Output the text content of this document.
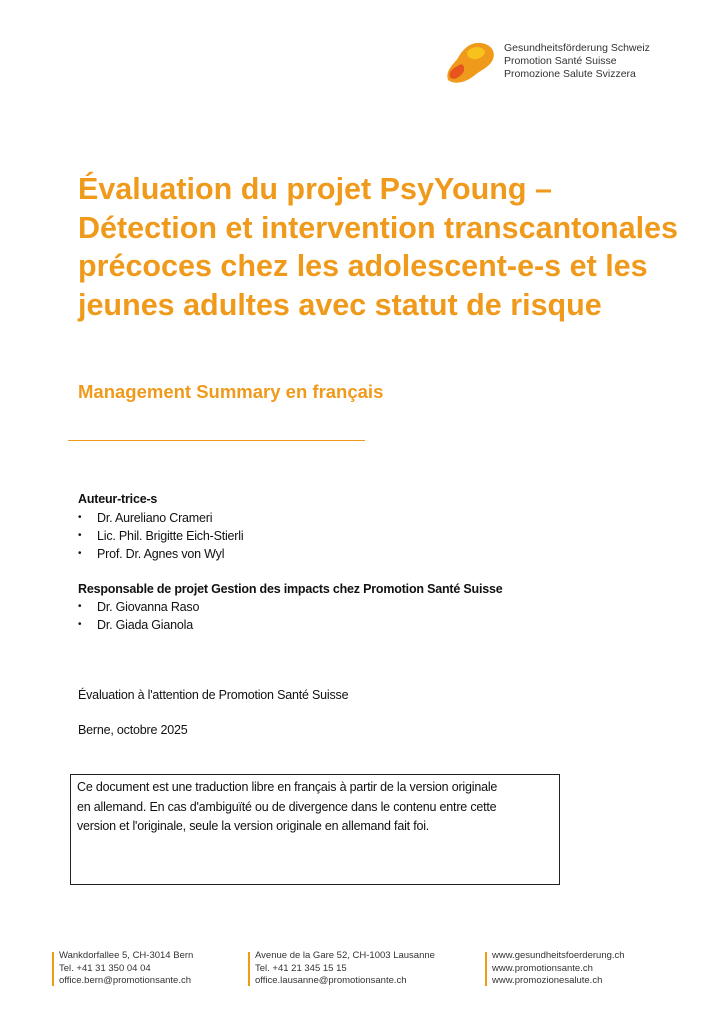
Gesundheitsförderung Schweiz
Promotion Santé Suisse
Promozione Salute Svizzera
Évaluation du projet PsyYoung – Détection et intervention transcantonales précoces chez les adolescent-e-s et les jeunes adultes avec statut de risque
Management Summary en français
Auteur-trice-s
• Dr. Aureliano Crameri
• Lic. Phil. Brigitte Eich-Stierli
• Prof. Dr. Agnes von Wyl
Responsable de projet Gestion des impacts chez Promotion Santé Suisse
• Dr. Giovanna Raso
• Dr. Giada Gianola
Évaluation à l'attention de Promotion Santé Suisse
Berne, octobre 2025
Ce document est une traduction libre en français à partir de la version originale
en allemand. En cas d'ambiguïté ou de divergence dans le contenu entre cette
version et l'originale, seule la version originale en allemand fait foi.
Wankdorfallee 5, CH-3014 Bern
Tel. +41 31 350 04 04
office.bern@promotionsante.ch
Avenue de la Gare 52, CH-1003 Lausanne
Tel. +41 21 345 15 15
office.lausanne@promotionsante.ch
www.gesundheitsfoerderung.ch
www.promotionsante.ch
www.promozionesalute.ch
